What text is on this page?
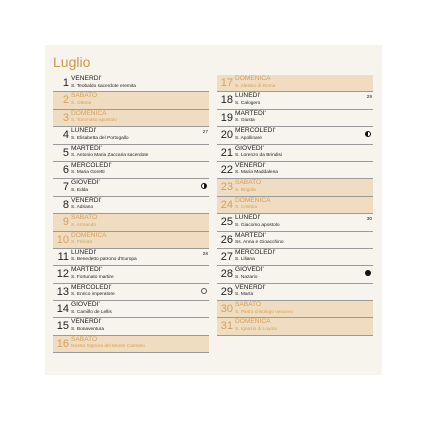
Luglio
1 VENERDI'
S. Teobaldo sacerdote eremita
2 SABATO
S. Ottone
3 DOMENICA
S. Tommaso apostolo
4 LUNEDI'
S. Elisabetta del Portogallo
27
5 MARTEDI'
S. Antonio Maria Zaccaria sacerdote
6 MERCOLEDI'
S. Maria Goretti
7 GIOVEDI'
S. Edda
8 VENERDI'
S. Adriano
9 SABATO
S. Armando
10 DOMENICA
S. Felicita
11 LUNEDI'
S. Benedetto patrono d'Europa
28
12 MARTEDI'
S. Fortunato martire
13 MERCOLEDI'
S. Enrico imperatore
14 GIOVEDI'
S. Camillo de Lellis
15 VENERDI'
S. Bonaventura
16 SABATO
Nostra Signora del Monte Carmelo
17 DOMENICA
S. Alessio di Roma
18 LUNEDI'
S. Calogero
29
19 MARTEDI'
S. Giusta
20 MERCOLEDI'
S. Apollinare
21 GIOVEDI'
S. Lorenzo da Brindisi
22 VENERDI'
S. Maria Maddalena
23 SABATO
S. Brigida
24 DOMENICA
S. Cristina
25 LUNEDI'
S. Giacomo apostolo
30
26 MARTEDI'
Ss. Anna e Gioacchino
27 MERCOLEDI'
S. Liliana
28 GIOVEDI'
S. Nazario
29 VENERDI'
S. Marta
30 SABATO
S. Pietro crisologo vescovo
31 DOMENICA
S. Ignazio di Loyola
